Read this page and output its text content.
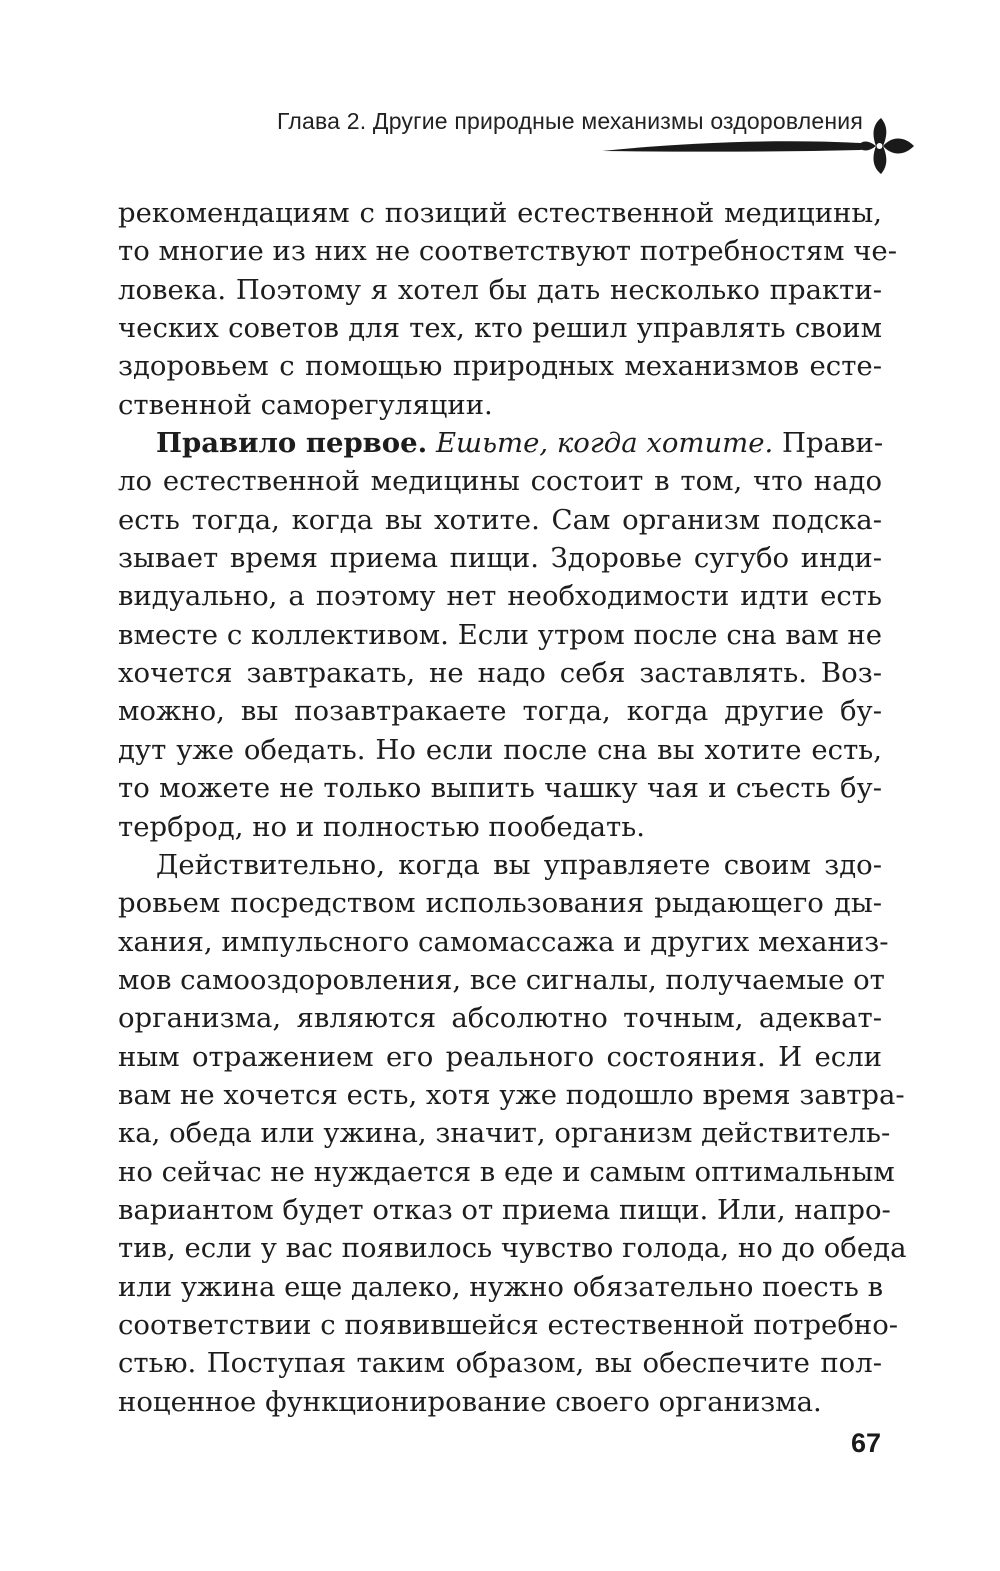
Глава 2. Другие природные механизмы оздоровления
рекомендациям с позиций естественной медицины,
то многие из них не соответствуют потребностям че-
ловека. Поэтому я хотел бы дать несколько практи-
ческих советов для тех, кто решил управлять своим
здоровьем с помощью природных механизмов есте-
ственной саморегуляции.
Правило первое. Ешьте, когда хотите. Прави-
ло естественной медицины состоит в том, что надо
есть тогда, когда вы хотите. Сам организм подска-
зывает время приема пищи. Здоровье сугубо инди-
видуально, а поэтому нет необходимости идти есть
вместе с коллективом. Если утром после сна вам не
хочется завтракать, не надо себя заставлять. Воз-
можно, вы позавтракаете тогда, когда другие бу-
дут уже обедать. Но если после сна вы хотите есть,
то можете не только выпить чашку чая и съесть бу-
терброд, но и полностью пообедать.
Действительно, когда вы управляете своим здо-
ровьем посредством использования рыдающего ды-
хания, импульсного самомассажа и других механиз-
мов самооздоровления, все сигналы, получаемые от
организма, являются абсолютно точным, адекват-
ным отражением его реального состояния. И если
вам не хочется есть, хотя уже подошло время завтра-
ка, обеда или ужина, значит, организм действитель-
но сейчас не нуждается в еде и самым оптимальным
вариантом будет отказ от приема пищи. Или, напро-
тив, если у вас появилось чувство голода, но до обеда
или ужина еще далеко, нужно обязательно поесть в
соответствии с появившейся естественной потребно-
стью. Поступая таким образом, вы обеспечите пол-
ноценное функционирование своего организма.
67
